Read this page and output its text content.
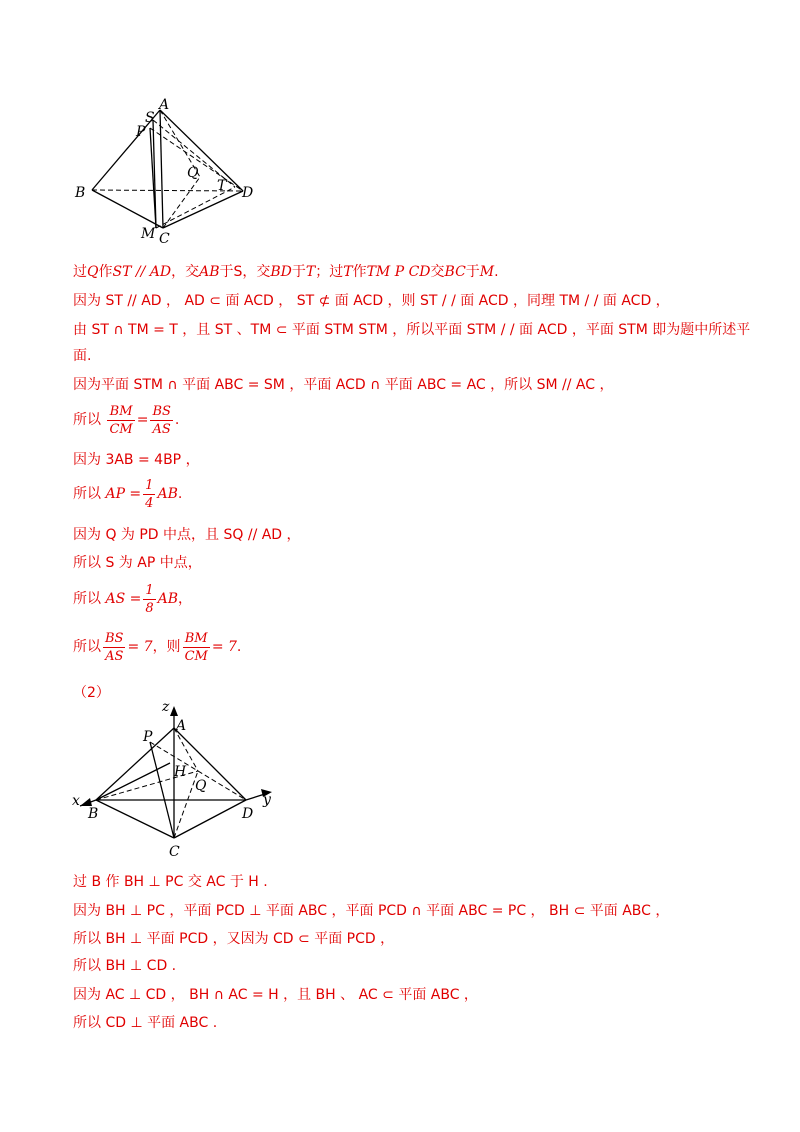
S
A
P
Q
T
B	D
M C
过Q作ST // AD，交AB于S，交BD于T；过T作TM P CD交BC于M.
因为 ST // AD ， AD ⊂ 面 ACD ， ST ⊄ 面 ACD ，则 ST / / 面 ACD ，同理 TM / / 面 ACD ，
由 ST ∩ TM = T ，且 ST 、TM ⊂ 平面 STM STM ，所以平面 STM / / 面 ACD ，平面 STM 即为题中所述平
面.
因为平面 STM ∩ 平面 ABC = SM ，平面 ACD ∩ 平面 ABC = AC ，所以 SM // AC ，
所以 $\frac{BM}{CM} = \frac{BS}{AS}$ .
因为 3AB = 4BP ，
所以 AP = $\frac{1}{4}$ AB.
因为 Q 为 PD 中点，且 SQ // AD ，
所以 S 为 AP 中点，
所以 AS = $\frac{1}{8}$ AB，
所以 $\frac{BS}{AS} = 7$，则 $\frac{BM}{CM} = 7$.
（2）
z
A
P
H
Q
x
B
y
D
C
过 B 作 BH ⊥ PC 交 AC 于 H .
因为 BH ⊥ PC ，平面 PCD ⊥ 平面 ABC ，平面 PCD ∩ 平面 ABC = PC ， BH ⊂ 平面 ABC ，
所以 BH ⊥ 平面 PCD ，又因为 CD ⊂ 平面 PCD ，
所以 BH ⊥ CD .
因为 AC ⊥ CD ， BH ∩ AC = H ，且 BH 、 AC ⊂ 平面 ABC ，
所以 CD ⊥ 平面 ABC .
